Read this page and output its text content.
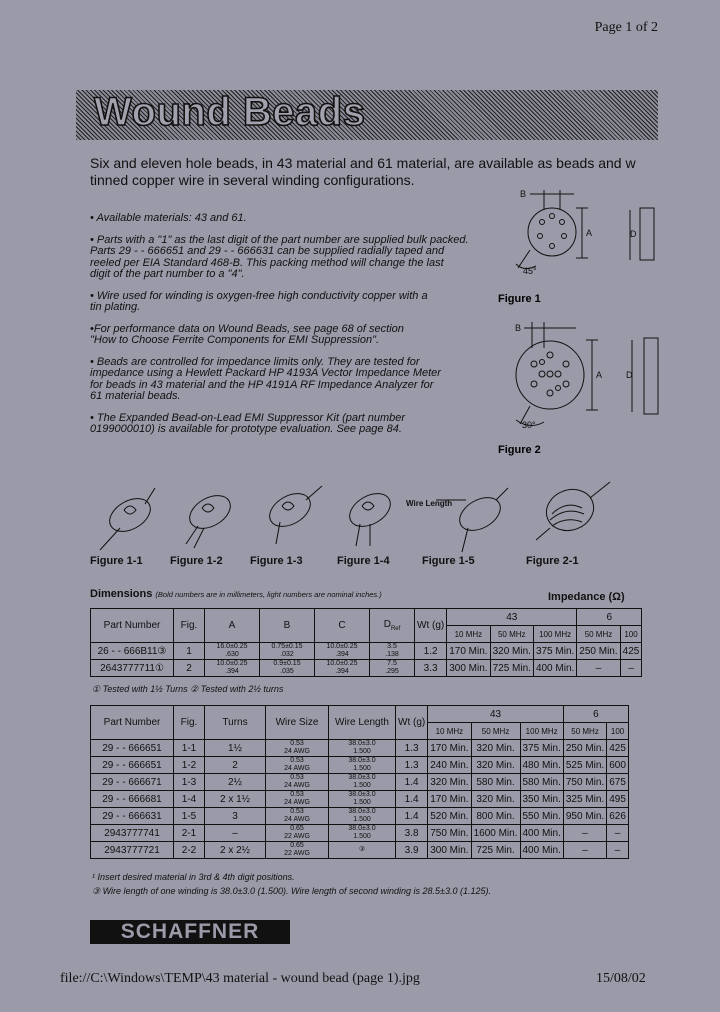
Page 1 of 2
Wound Beads
Six and eleven hole beads, in 43 material and 61 material, are available as beads and w
tinned copper wire in several winding configurations.
• Available materials: 43 and 61.
• Parts with a "1" as the last digit of the part number are supplied bulk packed.
Parts 29 - - 666651 and 29 - - 666631 can be supplied radially taped and
reeled per EIA Standard 468-B. This packing method will change the last
digit of the part number to a "4".
• Wire used for winding is oxygen-free high conductivity copper with a
tin plating.
•For performance data on Wound Beads, see page 68 of section
"How to Choose Ferrite Components for EMI Suppression".
• Beads are controlled for impedance limits only. They are tested for
impedance using a Hewlett Packard HP 4193A Vector Impedance Meter
for beads in 43 material and the HP 4191A RF Impedance Analyzer for
61 material beads.
• The Expanded Bead-on-Lead EMI Suppressor Kit (part number
0199000010) is available for prototype evaluation. See page 84.
B
A	D
45°
B
A	D
30°
Figure 1
Figure 2
Wire Length
Figure 1-1 Figure 1-2 Figure 1-3	Figure 1-4	Figure 1-5	Figure 2-1
Dimensions (Bold numbers are in millimeters, light numbers are nominal inches.)	Impedance (Ω)
Part Number	Fig.	A	B	C	$D_{Ref}$	Wt (g)	43			6	
							10 MHz	50 MHz	100 MHz	50 MHz	100
26 - - 666B11③	1	16.0±0.25
.630	0.75±0.15
.032	10.0±0.25
.394	3.5
.138	1.2	170 Min.	320 Min.	375 Min.	250 Min.	425
2643777711①	2	10.0±0.25
.394	0.9±0.15
.035	10.0±0.25
.394	7.5
.295	3.3	300 Min.	725 Min.	400 Min.	–	–
① Tested with 1½ Turns ② Tested with 2½ turns
Part Number	Fig.	Turns	Wire Size	Wire Length	Wt (g)	43			6	
						10 MHz	50 MHz	100 MHz	50 MHz	100
29 - - 666651	1-1	1½	0.53
24 AWG	38.0±3.0
1.500	1.3	170 Min.	320 Min.	375 Min.	250 Min.	425
29 - - 666651	1-2	2	0.53
24 AWG	38.0±3.0
1.500	1.3	240 Min.	320 Min.	480 Min.	525 Min.	600
29 - - 666671	1-3	2½	0.53
24 AWG	38.0±3.0
1.500	1.4	320 Min.	580 Min.	580 Min.	750 Min.	675
29 - - 666681	1-4	2 x 1½	0.53
24 AWG	38.0±3.0
1.500	1.4	170 Min.	320 Min.	350 Min.	325 Min.	495
29 - - 666631	1-5	3	0.53
24 AWG	38.0±3.0
1.500	1.4	520 Min.	800 Min.	550 Min.	950 Min.	626
2943777741	2-1	–	0.65
22 AWG	38.0±3.0
1.500	3.8	750 Min.	1600 Min.	400 Min.	–	–
2943777721	2-2	2 x 2½	0.65
22 AWG	③	3.9	300 Min.	725 Min.	400 Min.	–	–
¹ Insert desired material in 3rd & 4th digit positions.
③ Wire length of one winding is 38.0±3.0 (1.500). Wire length of second winding is 28.5±3.0 (1.125).
SCHAFFNER
file://C:\Windows\TEMP\43 material - wound bead (page 1).jpg	15/08/02
